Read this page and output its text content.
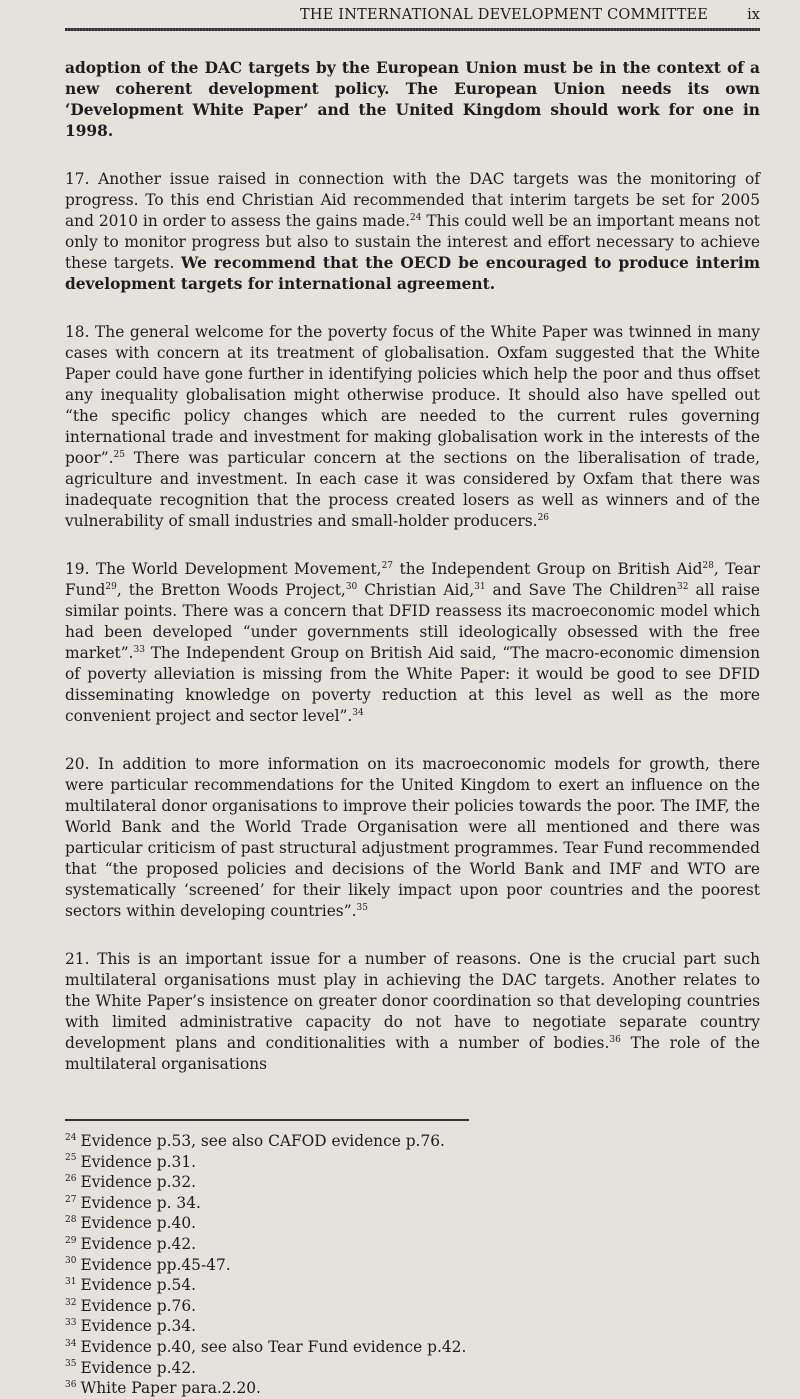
THE INTERNATIONAL DEVELOPMENT COMMITTEE	ix

adoption of the DAC targets by the European Union must be in the context of a new coherent development policy. The European Union needs its own ‘Development White Paper’ and the United Kingdom should work for one in 1998.

17. Another issue raised in connection with the DAC targets was the monitoring of progress. To this end Christian Aid recommended that interim targets be set for 2005 and 2010 in order to assess the gains made.$^{24}$ This could well be an important means not only to monitor progress but also to sustain the interest and effort necessary to achieve these targets. We recommend that the OECD be encouraged to produce interim development targets for international agreement.

18. The general welcome for the poverty focus of the White Paper was twinned in many cases with concern at its treatment of globalisation. Oxfam suggested that the White Paper could have gone further in identifying policies which help the poor and thus offset any inequality globalisation might otherwise produce. It should also have spelled out “the specific policy changes which are needed to the current rules governing international trade and investment for making globalisation work in the interests of the poor”.$^{25}$ There was particular concern at the sections on the liberalisation of trade, agriculture and investment. In each case it was considered by Oxfam that there was inadequate recognition that the process created losers as well as winners and of the vulnerability of small industries and small-holder producers.$^{26}$

19. The World Development Movement,$^{27}$ the Independent Group on British Aid$^{28}$, Tear Fund$^{29}$, the Bretton Woods Project,$^{30}$ Christian Aid,$^{31}$ and Save The Children$^{32}$ all raise similar points. There was a concern that DFID reassess its macroeconomic model which had been developed “under governments still ideologically obsessed with the free market”.$^{33}$ The Independent Group on British Aid said, “The macro-economic dimension of poverty alleviation is missing from the White Paper: it would be good to see DFID disseminating knowledge on poverty reduction at this level as well as the more convenient project and sector level”.$^{34}$

20. In addition to more information on its macroeconomic models for growth, there were particular recommendations for the United Kingdom to exert an influence on the multilateral donor organisations to improve their policies towards the poor. The IMF, the World Bank and the World Trade Organisation were all mentioned and there was particular criticism of past structural adjustment programmes. Tear Fund recommended that “the proposed policies and decisions of the World Bank and IMF and WTO are systematically ‘screened’ for their likely impact upon poor countries and the poorest sectors within developing countries”.$^{35}$

21. This is an important issue for a number of reasons. One is the crucial part such multilateral organisations must play in achieving the DAC targets. Another relates to the White Paper’s insistence on greater donor coordination so that developing countries with limited administrative capacity do not have to negotiate separate country development plans and conditionalities with a number of bodies.$^{36}$ The role of the multilateral organisations

$^{24}$ Evidence p.53, see also CAFOD evidence p.76.
$^{25}$ Evidence p.31.
$^{26}$ Evidence p.32.
$^{27}$ Evidence p. 34.
$^{28}$ Evidence p.40.
$^{29}$ Evidence p.42.
$^{30}$ Evidence pp.45-47.
$^{31}$ Evidence p.54.
$^{32}$ Evidence p.76.
$^{33}$ Evidence p.34.
$^{34}$ Evidence p.40, see also Tear Fund evidence p.42.
$^{35}$ Evidence p.42.
$^{36}$ White Paper para.2.20.
